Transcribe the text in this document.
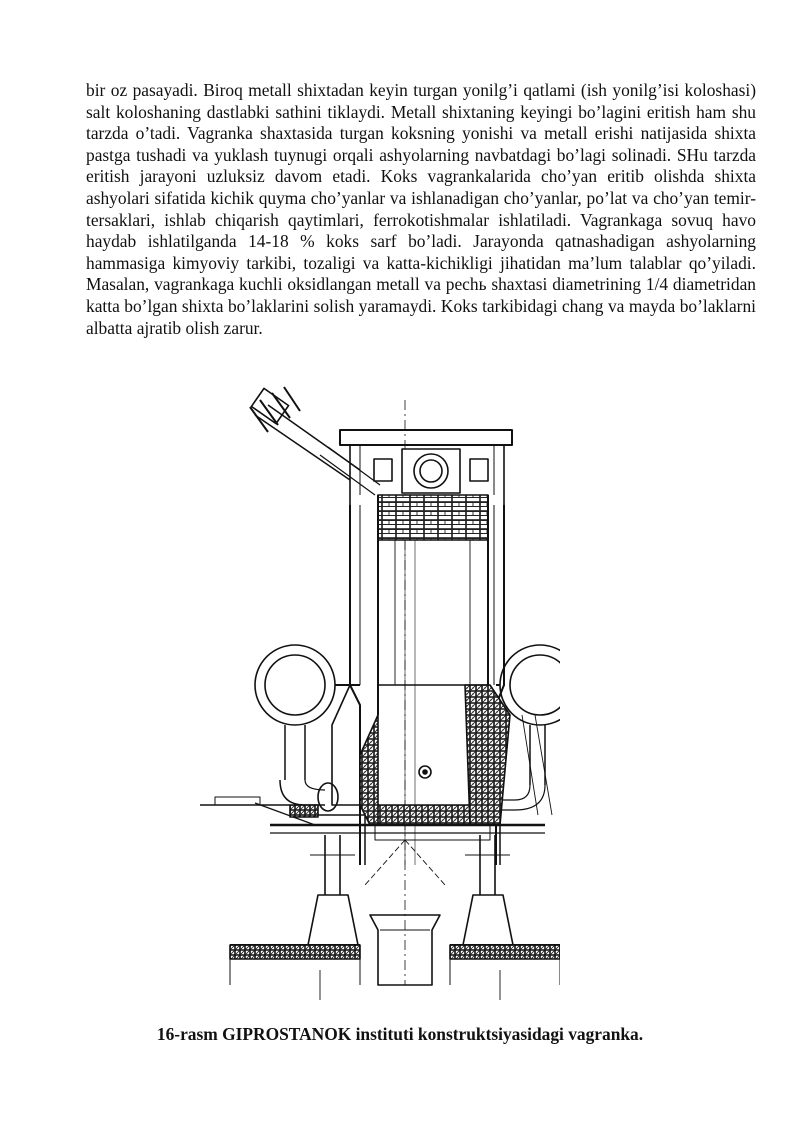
bir oz pasayadi. Biroq metall shixtadan keyin turgan yonilg’i qatlami (ish yonilg’isi koloshasi) salt koloshaning dastlabki sathini tiklaydi. Metall shixtaning keyingi bo’lagini eritish ham shu tarzda o’tadi. Vagranka shaxtasida turgan koksning yonishi va metall erishi natijasida shixta pastga tushadi va yuklash tuynugi orqali ashyolarning navbatdagi bo’lagi solinadi. SHu tarzda eritish jarayoni uzluksiz davom etadi. Koks vagrankalarida cho’yan eritib olishda shixta ashyolari sifatida kichik quyma cho’yanlar va ishlanadigan cho’yanlar, po’lat va cho’yan temir-tersaklari, ishlab chiqarish qaytimlari, ferrokotishmalar ishlatiladi. Vagrankaga sovuq havo haydab ishlatilganda 14-18 % koks sarf bo’ladi. Jarayonda qatnashadigan ashyolarning hammasiga kimyoviy tarkibi, tozaligi va katta-kichikligi jihatidan ma’lum talablar qo’yiladi. Masalan, vagrankaga kuchli oksidlangan metall va pechь shaxtasi diametrining 1/4 diametridan katta bo’lgan shixta bo’laklarini solish yaramaydi. Koks tarkibidagi chang va mayda bo’laklarni albatta ajratib olish zarur.

16-rasm GIPROSTANOK instituti konstruktsiyasidagi vagranka.
